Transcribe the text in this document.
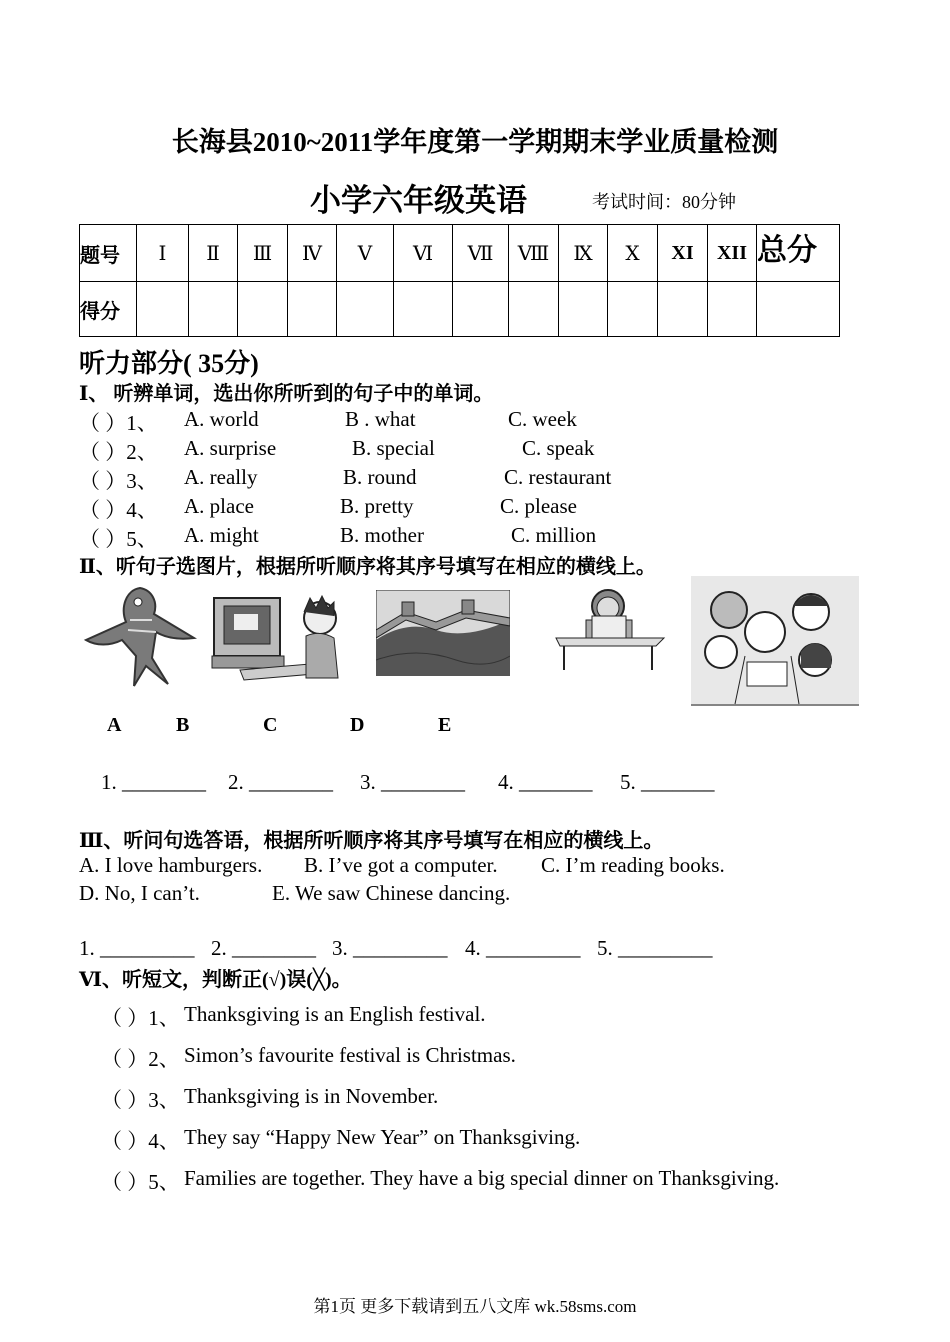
长海县2010~2011学年度第一学期期末学业质量检测
小学六年级英语	考试时间：80分钟
题号	Ⅰ	Ⅱ	Ⅲ	Ⅳ	Ⅴ	Ⅵ	Ⅶ	Ⅷ	Ⅸ	Ⅹ	XI	XII	总分
得分													
听力部分( 35分)
Ⅰ、 听辨单词，选出你所听到的句子中的单词。
（ ）1、 A. world	B . what	C. week
（ ）2、 A. surprise	B. special	C. speak
（ ）3、 A. really	B. round	C. restaurant
（ ）4、 A. place	B. pretty	C. please
（ ）5、 A. might	B. mother	C. million
Ⅱ、听句子选图片，根据所听顺序将其序号填写在相应的横线上。
A	B	C	D	E
1. ________ 2. ________ 3. ________ 4. _______ 5. _______
Ⅲ、听问句选答语，根据所听顺序将其序号填写在相应的横线上。
A. I love hamburgers. B. I’ve got a computer. C. I’m reading books.
D. No, I can’t.	E. We saw Chinese dancing.
1. _________ 2. ________ 3. _________ 4. _________ 5. _________
Ⅵ、听短文，判断正(√)误(╳)。
（ ）1、 Thanksgiving is an English festival.
（ ）2、 Simon’s favourite festival is Christmas.
（ ）3、 Thanksgiving is in November.
（ ）4、 They say “Happy New Year” on Thanksgiving.
（ ）5、 Families are together. They have a big special dinner on Thanksgiving.
第1页 更多下载请到五八文库 wk.58sms.com
